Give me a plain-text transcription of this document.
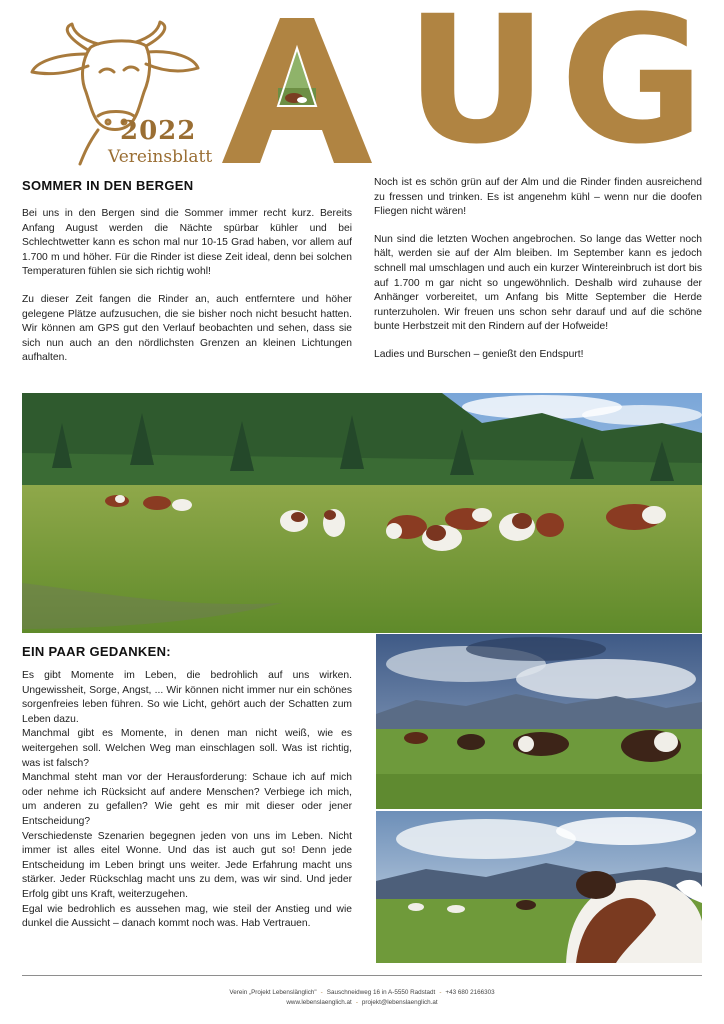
2022
Vereinsblatt U G
SOMMER IN DEN BERGEN

Bei uns in den Bergen sind die Sommer immer recht kurz. Bereits Anfang August werden die Nächte spürbar kühler und bei Schlechtwetter kann es schon mal nur 10-15 Grad haben, vor allem auf 1.700 m und höher. Für die Rinder ist diese Zeit ideal, denn bei solchen Temperaturen fühlen sie sich richtig wohl!

Zu dieser Zeit fangen die Rinder an, auch entferntere und höher gelegene Plätze aufzusuchen, die sie bisher noch nicht besucht hatten. Wir können am GPS gut den Verlauf beobachten und sehen, dass sie sich nun auch an den nördlichsten Grenzen an kleinen Lichtungen aufhalten.

Noch ist es schön grün auf der Alm und die Rinder finden ausreichend zu fressen und trinken. Es ist angenehm kühl – wenn nur die doofen Fliegen nicht wären!

Nun sind die letzten Wochen angebrochen. So lange das Wetter noch hält, werden sie auf der Alm bleiben. Im September kann es jedoch schnell mal umschlagen und auch ein kurzer Wintereinbruch ist dort bis auf 1.700 m gar nicht so ungewöhnlich. Deshalb wird zuhause der Anhänger vorbereitet, um Anfang bis Mitte September die Herde runterzuholen. Wir freuen uns schon sehr darauf und auf die schöne bunte Herbstzeit mit den Rindern auf der Hofweide!

Ladies und Burschen – genießt den Endspurt!

EIN PAAR GEDANKEN:

Es gibt Momente im Leben, die bedrohlich auf uns wirken. Ungewissheit, Sorge, Angst, ... Wir können nicht immer nur ein schönes sorgenfreies leben führen. So wie Licht, gehört auch der Schatten zum Leben dazu.

Manchmal gibt es Momente, in denen man nicht weiß, wie es weitergehen soll. Welchen Weg man einschlagen soll. Was ist richtig, was ist falsch?

Manchmal steht man vor der Herausforderung: Schaue ich auf mich oder nehme ich Rücksicht auf andere Menschen? Verbiege ich mich, um anderen zu gefallen? Wie geht es mir mit dieser oder jener Entscheidung?

Verschiedenste Szenarien begegnen jeden von uns im Leben. Nicht immer ist alles eitel Wonne. Und das ist auch gut so! Denn jede Entscheidung im Leben bringt uns weiter. Jede Erfahrung macht uns stärker. Jeder Rückschlag macht uns zu dem, was wir sind. Und jeder Erfolg gibt uns Kraft, weiterzugehen.

Egal wie bedrohlich es aussehen mag, wie steil der Anstieg und wie dunkel die Aussicht – danach kommt noch was. Hab Vertrauen.

Verein „Projekt Lebenslänglich" - Sauschneidweg 16 in A-5550 Radstadt - +43 680 2166303
www.lebenslaenglich.at - projekt@lebenslaenglich.at
